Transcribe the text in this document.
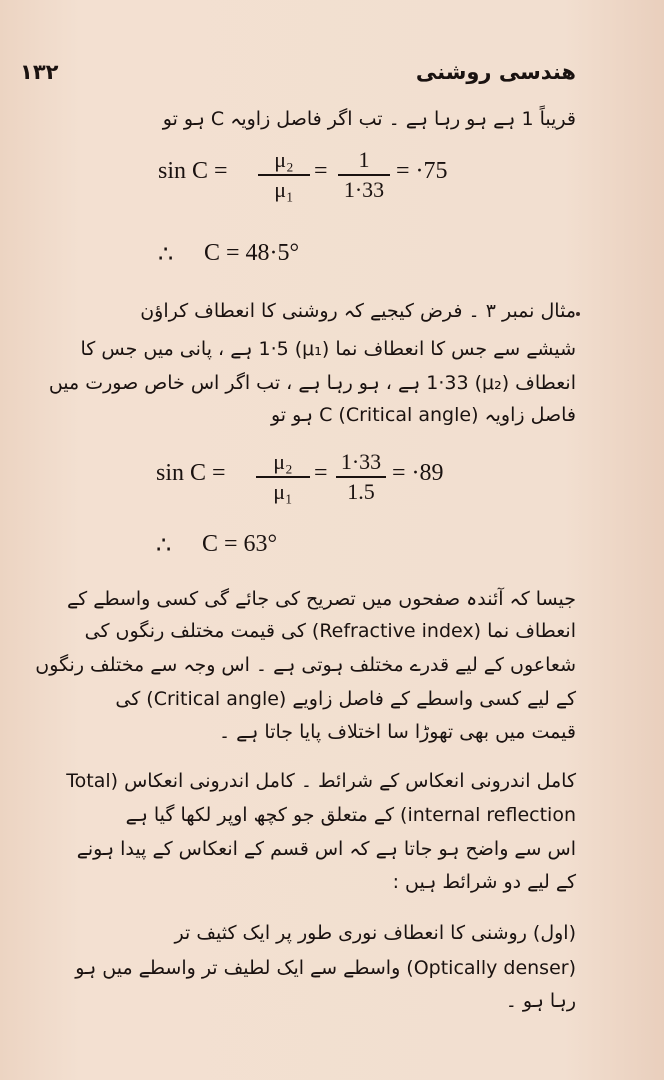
۱۳۲	ھندسی روشنی
قریباً 1 ہے ہو رہا ہے ۔ تب اگر فاصل زاویہ C ہو تو
sin C = μ₂
μ₁
= 1
1·33
= ·75
∴ C = 48·5°
مثال نمبر ۳ ۔ فرض کیجیے کہ روشنی کا انعطاف کراؤن
شیشے سے جس کا انعطاف نما (μ₁) 1·5 ہے ، پانی میں جس کا
انعطاف (μ₂) 1·33 ہے ، ہو رہا ہے ، تب اگر اس خاص صورت میں
فاصل زاویہ (Critical angle) C ہو تو
sin C = μ₂
μ₁
= 1·33
1.5
= ·89
∴ C = 63°
جیسا کہ آئندہ صفحوں میں تصریح کی جائے گی کسی واسطے کے
انعطاف نما (Refractive index) کی قیمت مختلف رنگوں کی
شعاعوں کے لیے قدرے مختلف ہوتی ہے ۔ اس وجہ سے مختلف رنگوں
کے لیے کسی واسطے کے فاصل زاویے (Critical angle) کی
قیمت میں بھی تھوڑا سا اختلاف پایا جاتا ہے ۔
کامل اندرونی انعکاس کے شرائط ۔ کامل اندرونی انعکاس (Total
internal reflection) کے متعلق جو کچھ اوپر لکھا گیا ہے
اس سے واضح ہو جاتا ہے کہ اس قسم کے انعکاس کے پیدا ہونے
کے لیے دو شرائط ہیں :
(اول) روشنی کا انعطاف نوری طور پر ایک کثیف تر
(Optically denser) واسطے سے ایک لطیف تر واسطے میں ہو
رہا ہو ۔
